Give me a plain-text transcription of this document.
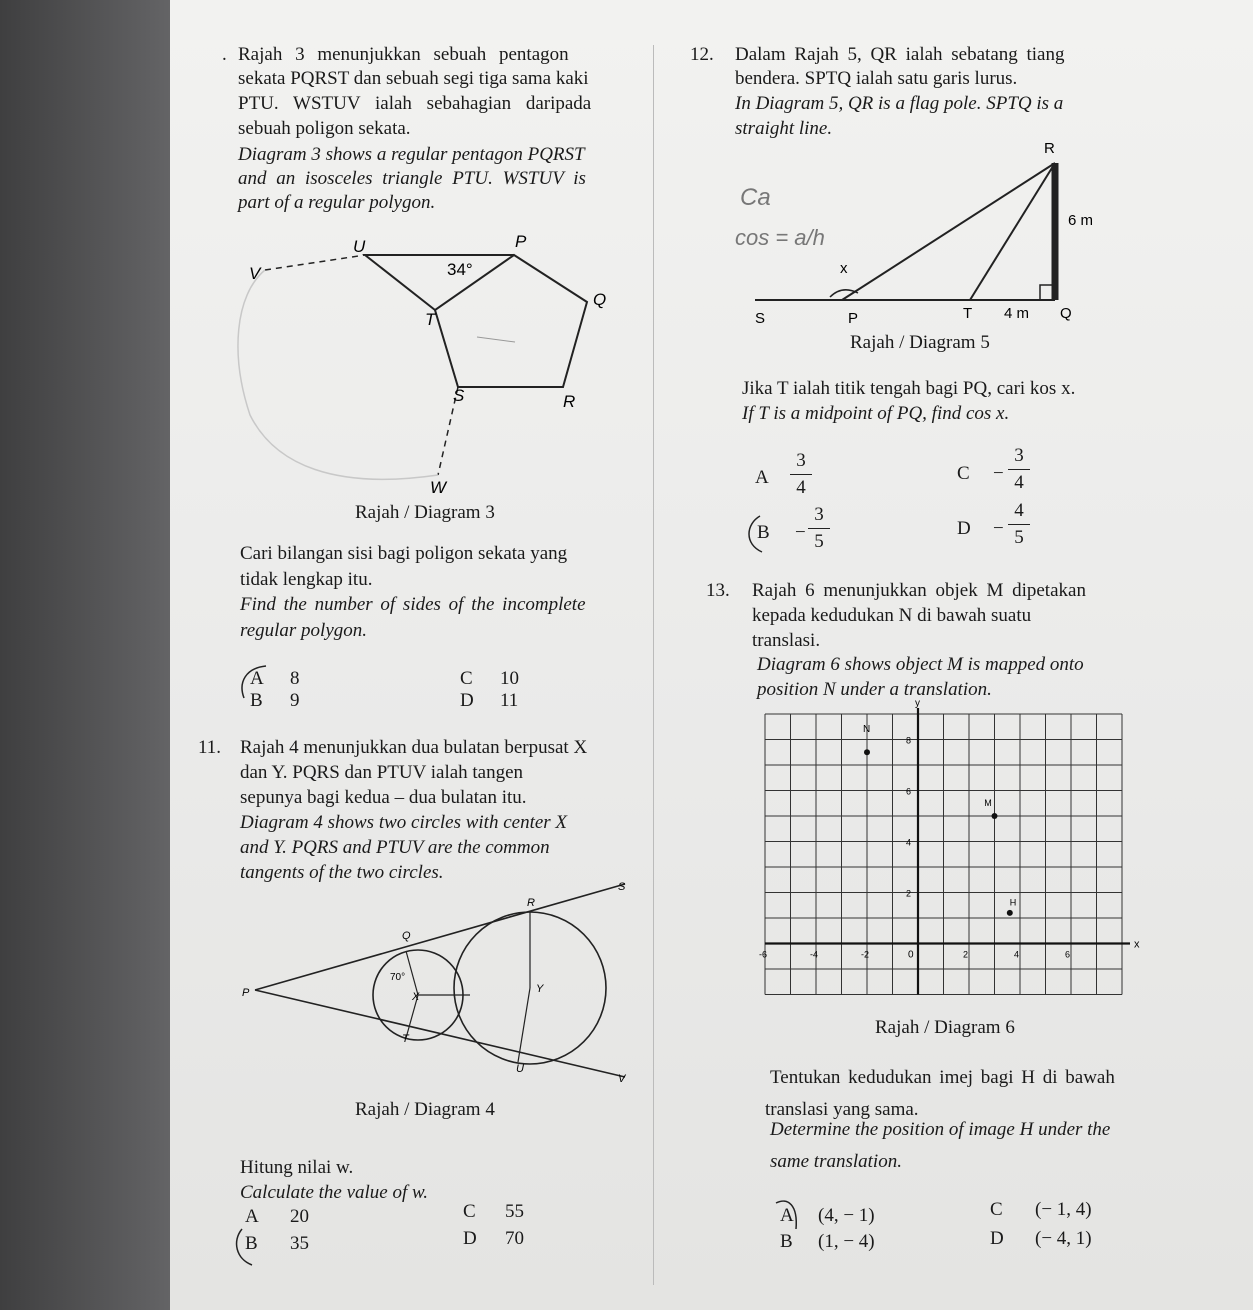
. Rajah 3 menunjukkan sebuah pentagon
sekata PQRST dan sebuah segi tiga sama kaki
PTU. WSTUV ialah sebahagian daripada
sebuah poligon sekata.
Diagram 3 shows a regular pentagon PQRST
and an isosceles triangle PTU. WSTUV is
part of a regular polygon.
U	P
V
Q
T
S	R
W
34°
Rajah / Diagram 3
Cari bilangan sisi bagi poligon sekata yang
tidak lengkap itu.
Find the number of sides of the incomplete
regular polygon.
A 8
B 9
C 10
D 11
11. Rajah 4 menunjukkan dua bulatan berpusat X
dan Y. PQRS dan PTUV ialah tangen
sepunya bagi kedua – dua bulatan itu.
Diagram 4 shows two circles with center X
and Y. PQRS and PTUV are the common
tangents of the two circles.
P
Q
R
S
T
U
V
X
Y
70°
Rajah / Diagram 4
Hitung nilai w.
Calculate the value of w.
A 20
B 35
C 55
D 70
12. Dalam Rajah 5, QR ialah sebatang tiang
bendera. SPTQ ialah satu garis lurus.
In Diagram 5, QR is a flag pole. SPTQ is a
straight line.
R
S	P	T	Q
x
6 m
4 m
Ca
cos = a/h
Rajah / Diagram 5
Jika T ialah titik tengah bagi PQ, cari kos x.
If T is a midpoint of PQ, find cos x.
A
3
4
B −
3
5
C −
3
4
D −
4
5
13. Rajah 6 menunjukkan objek M dipetakan
kepada kedudukan N di bawah suatu
translasi.
Diagram 6 shows object M is mapped onto
position N under a translation.
y
x
0
-6	-4	-2	2	4	6
2
4
6
8
N
M
H
Rajah / Diagram 6
Tentukan kedudukan imej bagi H di bawah
translasi yang sama.
Determine the position of image H under the
same translation.
A (4, − 1)
B (1, − 4)
C (− 1, 4)
D (− 4, 1)
